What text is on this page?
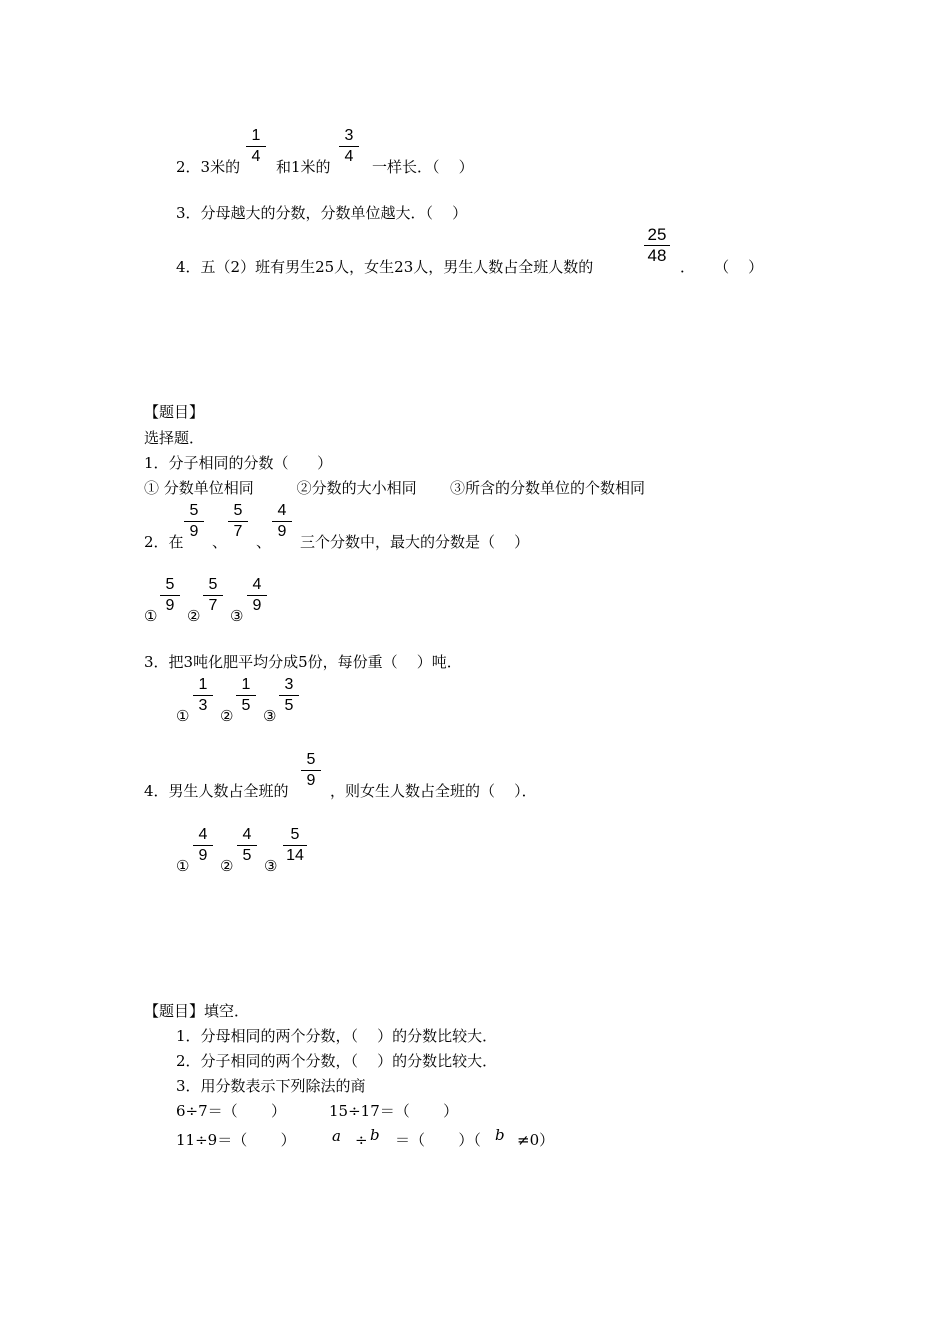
2．3米的
1
4
和1米的
3
4
一样长．（    ）
3．分母越大的分数，分数单位越大．（    ）
4．五（2）班有男生25人，女生23人，男生人数占全班人数的
25
48
．    （    ）
【题目】
选择题．
1．分子相同的分数（      ）
① 分数单位相同         ②分数的大小相同       ③所含的分数单位的个数相同
2．在
5
9
、
5
7
、
4
9
三个分数中，最大的分数是（    ）
①
5
9
②
5
7
③
4
9
3．把3吨化肥平均分成5份，每份重（    ）吨．
①
1
3
②
1
5
③
3
5
4．男生人数占全班的
5
9
，则女生人数占全班的（    ）．
①
4
9
②
4
5
③
5
14
【题目】填空．
1．分母相同的两个分数，（    ）的分数比较大．
2．分子相同的两个分数，（    ）的分数比较大．
3．用分数表示下列除法的商
6÷7＝（       ）	15÷17＝（       ）
11÷9＝（       ） a ÷ b ＝（       ）（ b ≠0）
